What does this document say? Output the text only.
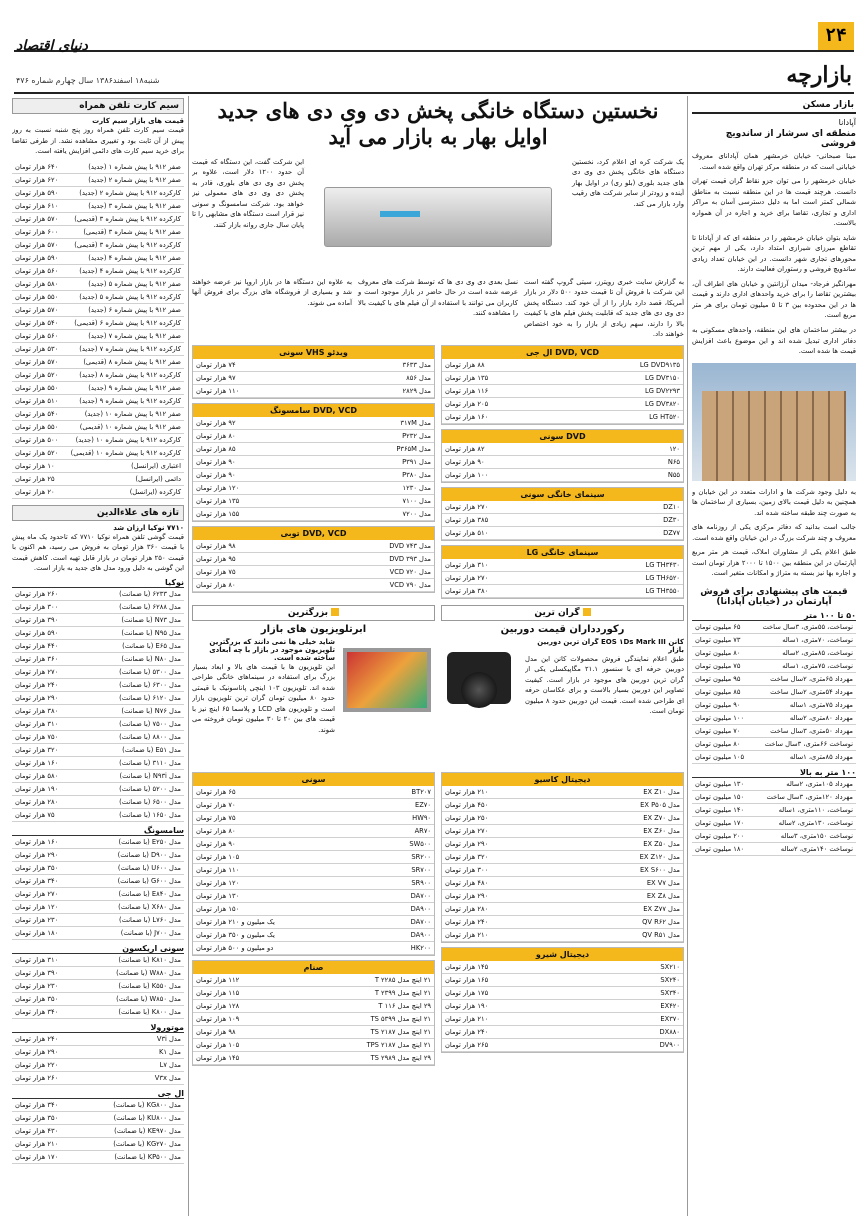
۲۴
دنیای اقتصاد
بازارچه
شنبه۱۸ اسفند۱۳۸۶ سال چهارم شماره ۴۷۶
بازار مسکن
آپادانا
منطقه ای سرشار از ساندویچ فروشی

مینا صبحانی- خیابان خرمشهر همان آپادانای معروف خیابانی است که در منطقه مرکز تهران واقع شده است.

خیابان خرمشهر را می توان جزو نقاط گران قیمت تهران دانست. هرچند قیمت ها در این منطقه نسبت به مناطق شمالی کمتر است اما به دلیل دسترسی آسان به مراکز اداری و تجاری، تقاضا برای خرید و اجاره در آن همواره بالاست.

شاید بتوان خیابان خرمشهر را در منطقه ای که از آپادانا تا تقاطع میرزای شیرازی امتداد دارد، یکی از مهم ترین محورهای تجاری شهر دانست. در این خیابان تعداد زیادی ساندویچ فروشی و رستوران فعالیت دارند.

مهرانگیز فرجاد- میدان آرژانتین و خیابان های اطراف آن، بیشترین تقاضا را برای خرید واحدهای اداری دارند و قیمت ها در این محدوده بین ۳ تا ۵ میلیون تومان برای هر متر مربع است.

در بیشتر ساختمان های این منطقه، واحدهای مسکونی به دفاتر اداری تبدیل شده اند و این موضوع باعث افزایش قیمت ها شده است.

به دلیل وجود شرکت ها و ادارات متعدد در این خیابان و همچنین به دلیل قیمت بالای زمین، بسیاری از ساختمان ها به صورت چند طبقه ساخته شده اند.

جالب است بدانید که دفاتر مرکزی یکی از روزنامه های معروف و چند شرکت بزرگ در این خیابان واقع شده است.

طبق اعلام یکی از مشاوران املاک، قیمت هر متر مربع آپارتمان در این منطقه بین ۱۵۰۰ تا ۲۰۰۰ هزار تومان است و اجاره بها نیز بسته به متراژ و امکانات متغیر است.

قیمت های پیشنهادی برای فروش آپارتمان در (خیابان آپادانا)
۵۰ تا ۱۰۰ متر
نوساخت، ۵۵متری، ۳سال ساخت	۶۵ میلیون تومان
نوساخت، ۷۰متری، ۱ساله	۷۳ میلیون تومان
نوساخت، ۸۵متری، ۲ساله	۸۰ میلیون تومان
نوساخت، ۷۵متری، ۱ساله	۷۵ میلیون تومان
مهرداد ۶۵متری، ۲سال ساخت	۹۵ میلیون تومان
مهرداد ۵۴متری، ۲سال ساخت	۸۵ میلیون تومان
مهرداد ۷۵متری، ۱ساله	۹۰ میلیون تومان
مهرداد ۸۰متری، ۲ساله	۱۰۰ میلیون تومان
مهرداد ۵۰متری، ۳سال ساخت	۷۰ میلیون تومان
نوساخت ۶۶متری، ۳سال ساخت	۸۰ میلیون تومان
مهرداد ۸۵متری، ۱ساله	۱۰۵ میلیون تومان
۱۰۰ متر به بالا
مهرداد ۱۰۵متری، ۲ساله	۱۳۰ میلیون تومان
مهرداد ۱۲۰متری، ۳سال ساخت	۱۵۰ میلیون تومان
نوساخت، ۱۱۰متری، ۱ساله	۱۴۰ میلیون تومان
نوساخت، ۱۳۰متری، ۲ساله	۱۷۰ میلیون تومان
نوساخت ۱۵۰متری، ۳ساله	۲۰۰ میلیون تومان
نوساخت ۱۴۰متری، ۲ساله	۱۸۰ میلیون تومان
سیم کارت تلفن همراه
قیمت های بازار سیم کارت

قیمت سیم کارت تلفن همراه روز پنج شنبه نسبت به روز پیش از آن ثابت بود و تغییری مشاهده نشد. از طرفی تقاضا برای خرید سیم کارت های دائمی افزایش یافته است.

صفر ۹۱۲ با پیش شماره ۱ (جدید)	۶۴۰ هزار تومان
صفر ۹۱۲ با پیش شماره ۲ (جدید)	۶۲۰ هزار تومان
کارکرده ۹۱۲ با پیش شماره ۲ (جدید)	۵۹۰ هزار تومان
صفر ۹۱۲ با پیش شماره ۳ (جدید)	۶۱۰ هزار تومان
کارکرده ۹۱۲ با پیش شماره ۳ (قدیمی)	۵۷۰ هزار تومان
صفر ۹۱۲ با پیش شماره ۳ (قدیمی)	۶۰۰ هزار تومان
کارکرده ۹۱۲ با پیش شماره ۳ (قدیمی)	۵۷۰ هزار تومان
صفر ۹۱۲ با پیش شماره ۴ (جدید)	۵۹۰ هزار تومان
کارکرده ۹۱۲ با پیش شماره ۴ (جدید)	۵۶۰ هزار تومان
صفر ۹۱۲ با پیش شماره ۵ (جدید)	۵۸۰ هزار تومان
کارکرده ۹۱۲ با پیش شماره ۵ (جدید)	۵۵۰ هزار تومان
صفر ۹۱۲ با پیش شماره ۶ (جدید)	۵۷۰ هزار تومان
کارکرده ۹۱۲ با پیش شماره ۶ (قدیمی)	۵۴۰ هزار تومان
صفر ۹۱۲ با پیش شماره ۷ (جدید)	۵۶۰ هزار تومان
کارکرده ۹۱۲ با پیش شماره ۷ (جدید)	۵۳۰ هزار تومان
صفر ۹۱۲ با پیش شماره ۸ (قدیمی)	۵۷۰ هزار تومان
کارکرده ۹۱۲ با پیش شماره ۸ (جدید)	۵۲۰ هزار تومان
صفر ۹۱۲ با پیش شماره ۹ (جدید)	۵۵۰ هزار تومان
کارکرده ۹۱۲ با پیش شماره ۹ (جدید)	۵۱۰ هزار تومان
صفر ۹۱۲ با پیش شماره ۱۰ (جدید)	۵۴۰ هزار تومان
صفر ۹۱۲ با پیش شماره ۱۰ (قدیمی)	۵۵۰ هزار تومان
کارکرده ۹۱۲ با پیش شماره ۱۰ (جدید)	۵۰۰ هزار تومان
کارکرده ۹۱۲ با پیش شماره ۱۰ (قدیمی)	۵۲۰ هزار تومان
اعتباری (ایرانسل)	۱۰ هزار تومان
دائمی (ایرانسل)	۲۵ هزار تومان
کارکرده (ایرانسل)	۲۰ هزار تومان
تازه های علاءالدین
۷۷۱۰ نوکیا ارزان شد

قیمت گوشی تلفن همراه نوکیا ۷۷۱۰ که تاحدود یک ماه پیش با قیمت ۳۶۰ هزار تومان به فروش می رسید، هم اکنون با قیمت ۲۵۰ هزار تومان در بازار قابل تهیه است. کاهش قیمت این گوشی به دلیل ورود مدل های جدید به بازار است.

نوکیا
مدل ۶۲۳۳ (با ضمانت)	۲۶۰ هزار تومان
مدل ۶۲۸۸ (با ضمانت)	۳۰۰ هزار تومان
مدل N۷۳ (با ضمانت)	۳۹۰ هزار تومان
مدل N۹۵ (با ضمانت)	۵۹۰ هزار تومان
مدل E۶۵ (با ضمانت)	۴۴۰ هزار تومان
مدل N۸۰ (با ضمانت)	۳۶۰ هزار تومان
مدل ۵۳۰۰ (با ضمانت)	۲۷۰ هزار تومان
مدل ۶۳۰۰ (با ضمانت)	۲۴۰ هزار تومان
مدل ۶۱۲۰ (با ضمانت)	۲۹۰ هزار تومان
مدل N۷۶ (با ضمانت)	۳۸۰ هزار تومان
مدل ۷۵۰۰ (با ضمانت)	۳۱۰ هزار تومان
مدل ۸۸۰۰ (با ضمانت)	۷۵۰ هزار تومان
مدل E۵۱ (با ضمانت)	۳۲۰ هزار تومان
مدل ۳۱۱۰ (با ضمانت)	۱۶۰ هزار تومان
مدل N۹۳i (با ضمانت)	۵۸۰ هزار تومان
مدل ۵۲۰۰ (با ضمانت)	۱۹۰ هزار تومان
مدل ۶۵۰۰ (با ضمانت)	۲۸۰ هزار تومان
مدل ۱۶۵۰ (با ضمانت)	۷۵ هزار تومان
سامسونگ
مدل E۲۵۰ (با ضمانت)	۱۶۰ هزار تومان
مدل D۹۰۰ (با ضمانت)	۲۹۰ هزار تومان
مدل U۶۰۰ (با ضمانت)	۳۵۰ هزار تومان
مدل G۶۰۰ (با ضمانت)	۳۴۰ هزار تومان
مدل E۸۴۰ (با ضمانت)	۲۷۰ هزار تومان
مدل X۶۸۰ (با ضمانت)	۱۲۰ هزار تومان
مدل L۷۶۰ (با ضمانت)	۲۳۰ هزار تومان
مدل J۷۰۰ (با ضمانت)	۱۸۰ هزار تومان
سونی اریکسون
مدل K۸۱۰ (با ضمانت)	۳۱۰ هزار تومان
مدل W۸۸۰ (با ضمانت)	۳۹۰ هزار تومان
مدل K۵۵۰ (با ضمانت)	۲۳۰ هزار تومان
مدل W۸۵۰ (با ضمانت)	۳۵۰ هزار تومان
مدل K۸۰۰ (با ضمانت)	۳۴۰ هزار تومان
موتورولا
مدل V۳i	۲۴۰ هزار تومان
مدل K۱	۲۹۰ هزار تومان
مدل L۷	۲۲۰ هزار تومان
مدل V۳x	۲۶۰ هزار تومان
ال جی
مدل KG۸۰۰ (با ضمانت)	۳۴۰ هزار تومان
مدل KU۸۰۰ (با ضمانت)	۳۵۰ هزار تومان
مدل KE۹۷۰ (با ضمانت)	۴۳۰ هزار تومان
مدل KG۲۷۰ (با ضمانت)	۲۱۰ هزار تومان
مدل KP۵۰۰ (با ضمانت)	۱۷۰ هزار تومان
نخستین دستگاه خانگی پخش دی وی دی های جدید
اوایل بهار به بازار می آید

یک شرکت کره ای اعلام کرد، نخستین دستگاه های خانگی پخش دی وی دی های جدید بلوری (بلو ری) در اوایل بهار آینده و زودتر از سایر شرکت های رقیب وارد بازار می کند.

این شرکت گفت، این دستگاه که قیمت آن حدود ۱۲۰۰ دلار است، علاوه بر پخش دی وی دی های بلوری، قادر به پخش دی وی دی های معمولی نیز خواهد بود. شرکت سامسونگ و سونی نیز قرار است دستگاه های مشابهی را تا پایان سال جاری روانه بازار کنند.

به گزارش سایت خبری رویترز، سیتی گروپ گفته است این شرکت با فروش آن تا قیمت حدود ۵۰۰ دلار در بازار آمریکا، قصد دارد بازار را از آن خود کند. دستگاه پخش دی وی دی های جدید که قابلیت پخش فیلم های با کیفیت بالا را دارند، سهم زیادی از بازار را به خود اختصاص خواهند داد.

نسل بعدی دی وی دی ها که توسط شرکت های معروف عرضه شده است در حال حاضر در بازار موجود است و کاربران می توانند با استفاده از آن فیلم های با کیفیت بالا را مشاهده کنند.

به علاوه این دستگاه ها در بازار اروپا نیز عرضه خواهند شد و بسیاری از فروشگاه های بزرگ برای فروش آنها آماده می شوند.

DVD, VCD ال جی
LG DVD۹۱۳۵	۸۸ هزار تومان
LG DV۳۱۵۰	۱۳۵ هزار تومان
LG DV۲۲۹۳	۱۱۶ هزار تومان
LG DV۳۸۲۰	۲۰۵ هزار تومان
LG HT۵۲۰	۱۶۰ هزار تومان
DVD سونی
۱۲۰	۸۲ هزار تومان
N۶۵	۹۰ هزار تومان
N۵۵	۱۰۰ هزار تومان
سینمای خانگی سونی
DZ۱۰	۲۷۰ هزار تومان
DZ۳۰	۳۸۵ هزار تومان
DZ۷۷	۵۱۰ هزار تومان
سینمای خانگی LG
LG TH۳۴۳۰	۳۱۰ هزار تومان
LG TH۶۵۲۰	۲۷۰ هزار تومان
LG TH۳۵۵۰	۳۸۰ هزار تومان
ویدئو VHS سونی
مدل ۳۶۳۳	۷۴ هزار تومان
مدل ۸۵۶	۹۷ هزار تومان
مدل ۲۸۲۹	۱۱۰ هزار تومان
DVD, VCD سامسونگ
مدل ۳۱۷M	۹۲ هزار تومان
مدل P۲۳۲	۸۰ هزار تومان
مدل P۳۶۵M	۸۵ هزار تومان
مدل P۳۹۱	۹۰ هزار تومان
مدل P۳۸۰	۹۰ هزار تومان
مدل ۱۲۳۰	۱۲۰ هزار تومان
مدل ۷۱۰۰	۱۳۵ هزار تومان
مدل ۷۲۰۰	۱۵۵ هزار تومان
DVD, VCD توبی
مدل DVD ۷۴۳	۹۸ هزار تومان
مدل DVD ۳۹۳	۹۵ هزار تومان
مدل VCD ۷۲۰	۷۵ هزار تومان
مدل VCD ۷۹۰	۸۰ هزار تومان
گران ترین
رکوردداران قیمت دوربین
کانن EOS ۱Ds Mark III گران ترین دوربین بازار

طبق اعلام نمایندگی فروش محصولات کانن این مدل دوربین حرفه ای با سنسور ۲۱.۱ مگاپیکسلی یکی از گران ترین دوربین های موجود در بازار است. کیفیت تصاویر این دوربین بسیار بالاست و برای عکاسان حرفه ای طراحی شده است. قیمت این دوربین حدود ۸ میلیون تومان است.

بزرگترین
ابرتلویزیون های بازار
شاید خیلی ها نمی دانند که بزرگترین تلویزیون موجود در بازار با چه ابعادی ساخته شده است.

این تلویزیون ها با قیمت های بالا و ابعاد بسیار بزرگ برای استفاده در سینماهای خانگی طراحی شده اند. تلویزیون ۱۰۳ اینچی پاناسونیک با قیمتی حدود ۸۰ میلیون تومان گران ترین تلویزیون بازار است و تلویزیون های LCD و پلاسما ۶۵ اینچ نیز با قیمت های بین ۲۰ تا ۳۰ میلیون تومان فروخته می شوند.

دیجیتال کاسیو
مدل EX Z۱۰	۲۱۰ هزار تومان
مدل EX P۵۰۵	۴۵۰ هزار تومان
مدل EX Z۷۰	۲۵۰ هزار تومان
مدل EX Z۶۰	۲۷۰ هزار تومان
مدل EX Z۵۰	۲۹۰ هزار تومان
مدل EX Z۱۲۰	۳۲۰ هزار تومان
مدل EX S۶۰۰	۳۰۰ هزار تومان
مدل EX V۷	۴۸۰ هزار تومان
مدل EX Z۸	۲۹۰ هزار تومان
مدل EX Z۷۷	۲۸۰ هزار تومان
مدل QV R۶۲	۲۴۰ هزار تومان
مدل QV R۵۱	۲۱۰ هزار تومان
دیجیتال شیرو
SX۲۱۰	۱۴۵ هزار تومان
SX۲۴۰	۱۶۵ هزار تومان
SX۳۴۰	۱۷۵ هزار تومان
EX۴۲۰	۱۹۰ هزار تومان
EX۳۷۰	۲۱۰ هزار تومان
DX۸۸۰	۲۴۰ هزار تومان
DV۹۰۰	۲۶۵ هزار تومان
سونی
BT۲۰۷	۶۵ هزار تومان
EZ۷۰	۷۰ هزار تومان
HW۹۰	۷۵ هزار تومان
AR۷۰	۸۰ هزار تومان
SW۵۰۰	۹۰ هزار تومان
SR۲۰۰	۱۰۵ هزار تومان
SR۷۰۰	۱۱۰ هزار تومان
SR۹۰۰	۱۲۰ هزار تومان
DA۷۰۰	۱۳۰ هزار تومان
DA۹۰۰	۱۵۰ هزار تومان
DA۷۰۰	یک میلیون و ۲۱۰ هزار تومان
DA۹۰۰	یک میلیون و ۳۵۰ هزار تومان
HK۲۰۰	دو میلیون و ۵۰۰ هزار تومان
صنام
۲۱ اینچ مدل T ۲۲۸۵	۱۱۲ هزار تومان
۲۱ اینچ مدل T ۲۳۹۹	۱۱۵ هزار تومان
۲۹ اینچ مدل T ۱۱۶	۱۲۸ هزار تومان
۲۱ اینچ مدل TS ۵۳۹۹	۱۰۹ هزار تومان
۲۱ اینچ مدل TS ۲۱۸۷	۹۸ هزار تومان
۲۱ اینچ مدل TPS ۲۱۸۷	۱۰۵ هزار تومان
۲۹ اینچ مدل TS ۲۹۸۹	۱۴۵ هزار تومان
